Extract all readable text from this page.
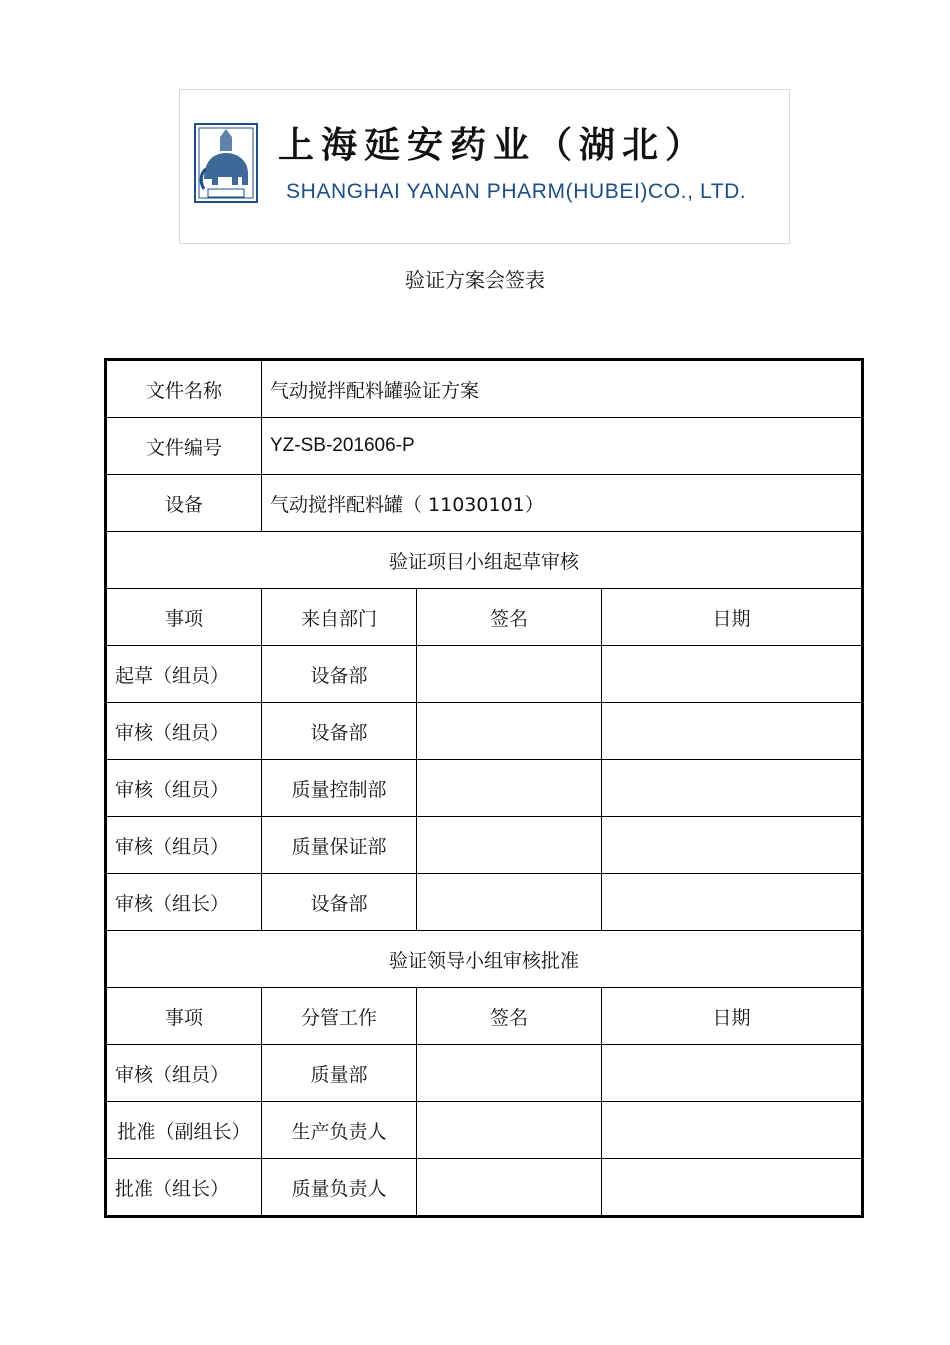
上海延安药业（湖北）
SHANGHAI YANAN PHARM(HUBEI)CO., LTD.
验证方案会签表
文件名称	气动搅拌配料罐验证方案		
文件编号	YZ-SB-201606-P		
设备	气动搅拌配料罐（ 11030101）		
验证项目小组起草审核			
事项	来自部门	签名	日期
起草（组员）	设备部		
审核（组员）	设备部		
审核（组员）	质量控制部		
审核（组员）	质量保证部		
审核（组长）	设备部		
验证领导小组审核批准			
事项	分管工作	签名	日期
审核（组员）	质量部		
批准（副组长）	生产负责人		
批准（组长）	质量负责人		
